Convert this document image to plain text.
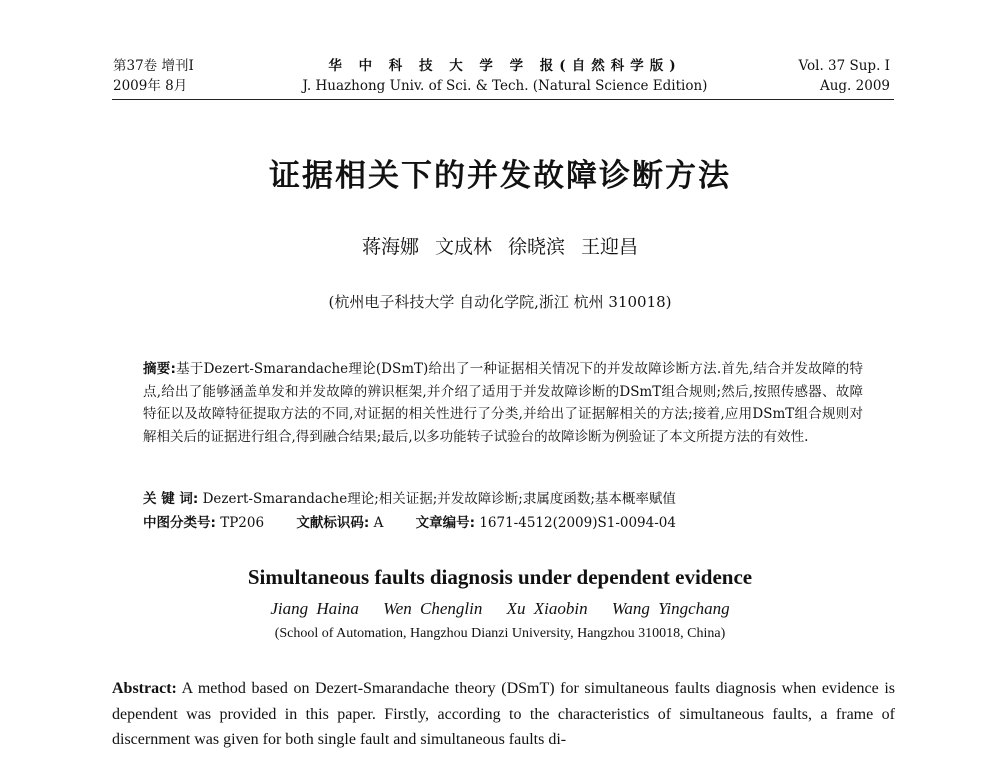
第37卷 增刊Ⅰ
2009年 8月
华 中 科 技 大 学 学 报(自然科学版)
J. Huazhong Univ. of Sci. & Tech. (Natural Science Edition)
Vol. 37 Sup. Ⅰ
Aug. 2009
证据相关下的并发故障诊断方法
蒋海娜 文成林 徐晓滨 王迎昌
(杭州电子科技大学 自动化学院,浙江 杭州 310018)
摘要:基于Dezert-Smarandache理论(DSmT)给出了一种证据相关情况下的并发故障诊断方法.首先,结合并发故障的特点,给出了能够涵盖单发和并发故障的辨识框架,并介绍了适用于并发故障诊断的DSmT组合规则;然后,按照传感器、故障特征以及故障特征提取方法的不同,对证据的相关性进行了分类,并给出了证据解相关的方法;接着,应用DSmT组合规则对解相关后的证据进行组合,得到融合结果;最后,以多功能转子试验台的故障诊断为例验证了本文所提方法的有效性.
关 键 词: Dezert-Smarandache理论;相关证据;并发故障诊断;隶属度函数;基本概率赋值
中图分类号: TP206 文献标识码: A 文章编号: 1671-4512(2009)S1-0094-04
Simultaneous faults diagnosis under dependent evidence
Jiang Haina Wen Chenglin Xu Xiaobin Wang Yingchang
(School of Automation, Hangzhou Dianzi University, Hangzhou 310018, China)
Abstract: A method based on Dezert-Smarandache theory (DSmT) for simultaneous faults diagnosis when evidence is dependent was provided in this paper. Firstly, according to the characteristics of simultaneous faults, a frame of discernment was given for both single fault and simultaneous faults di-
